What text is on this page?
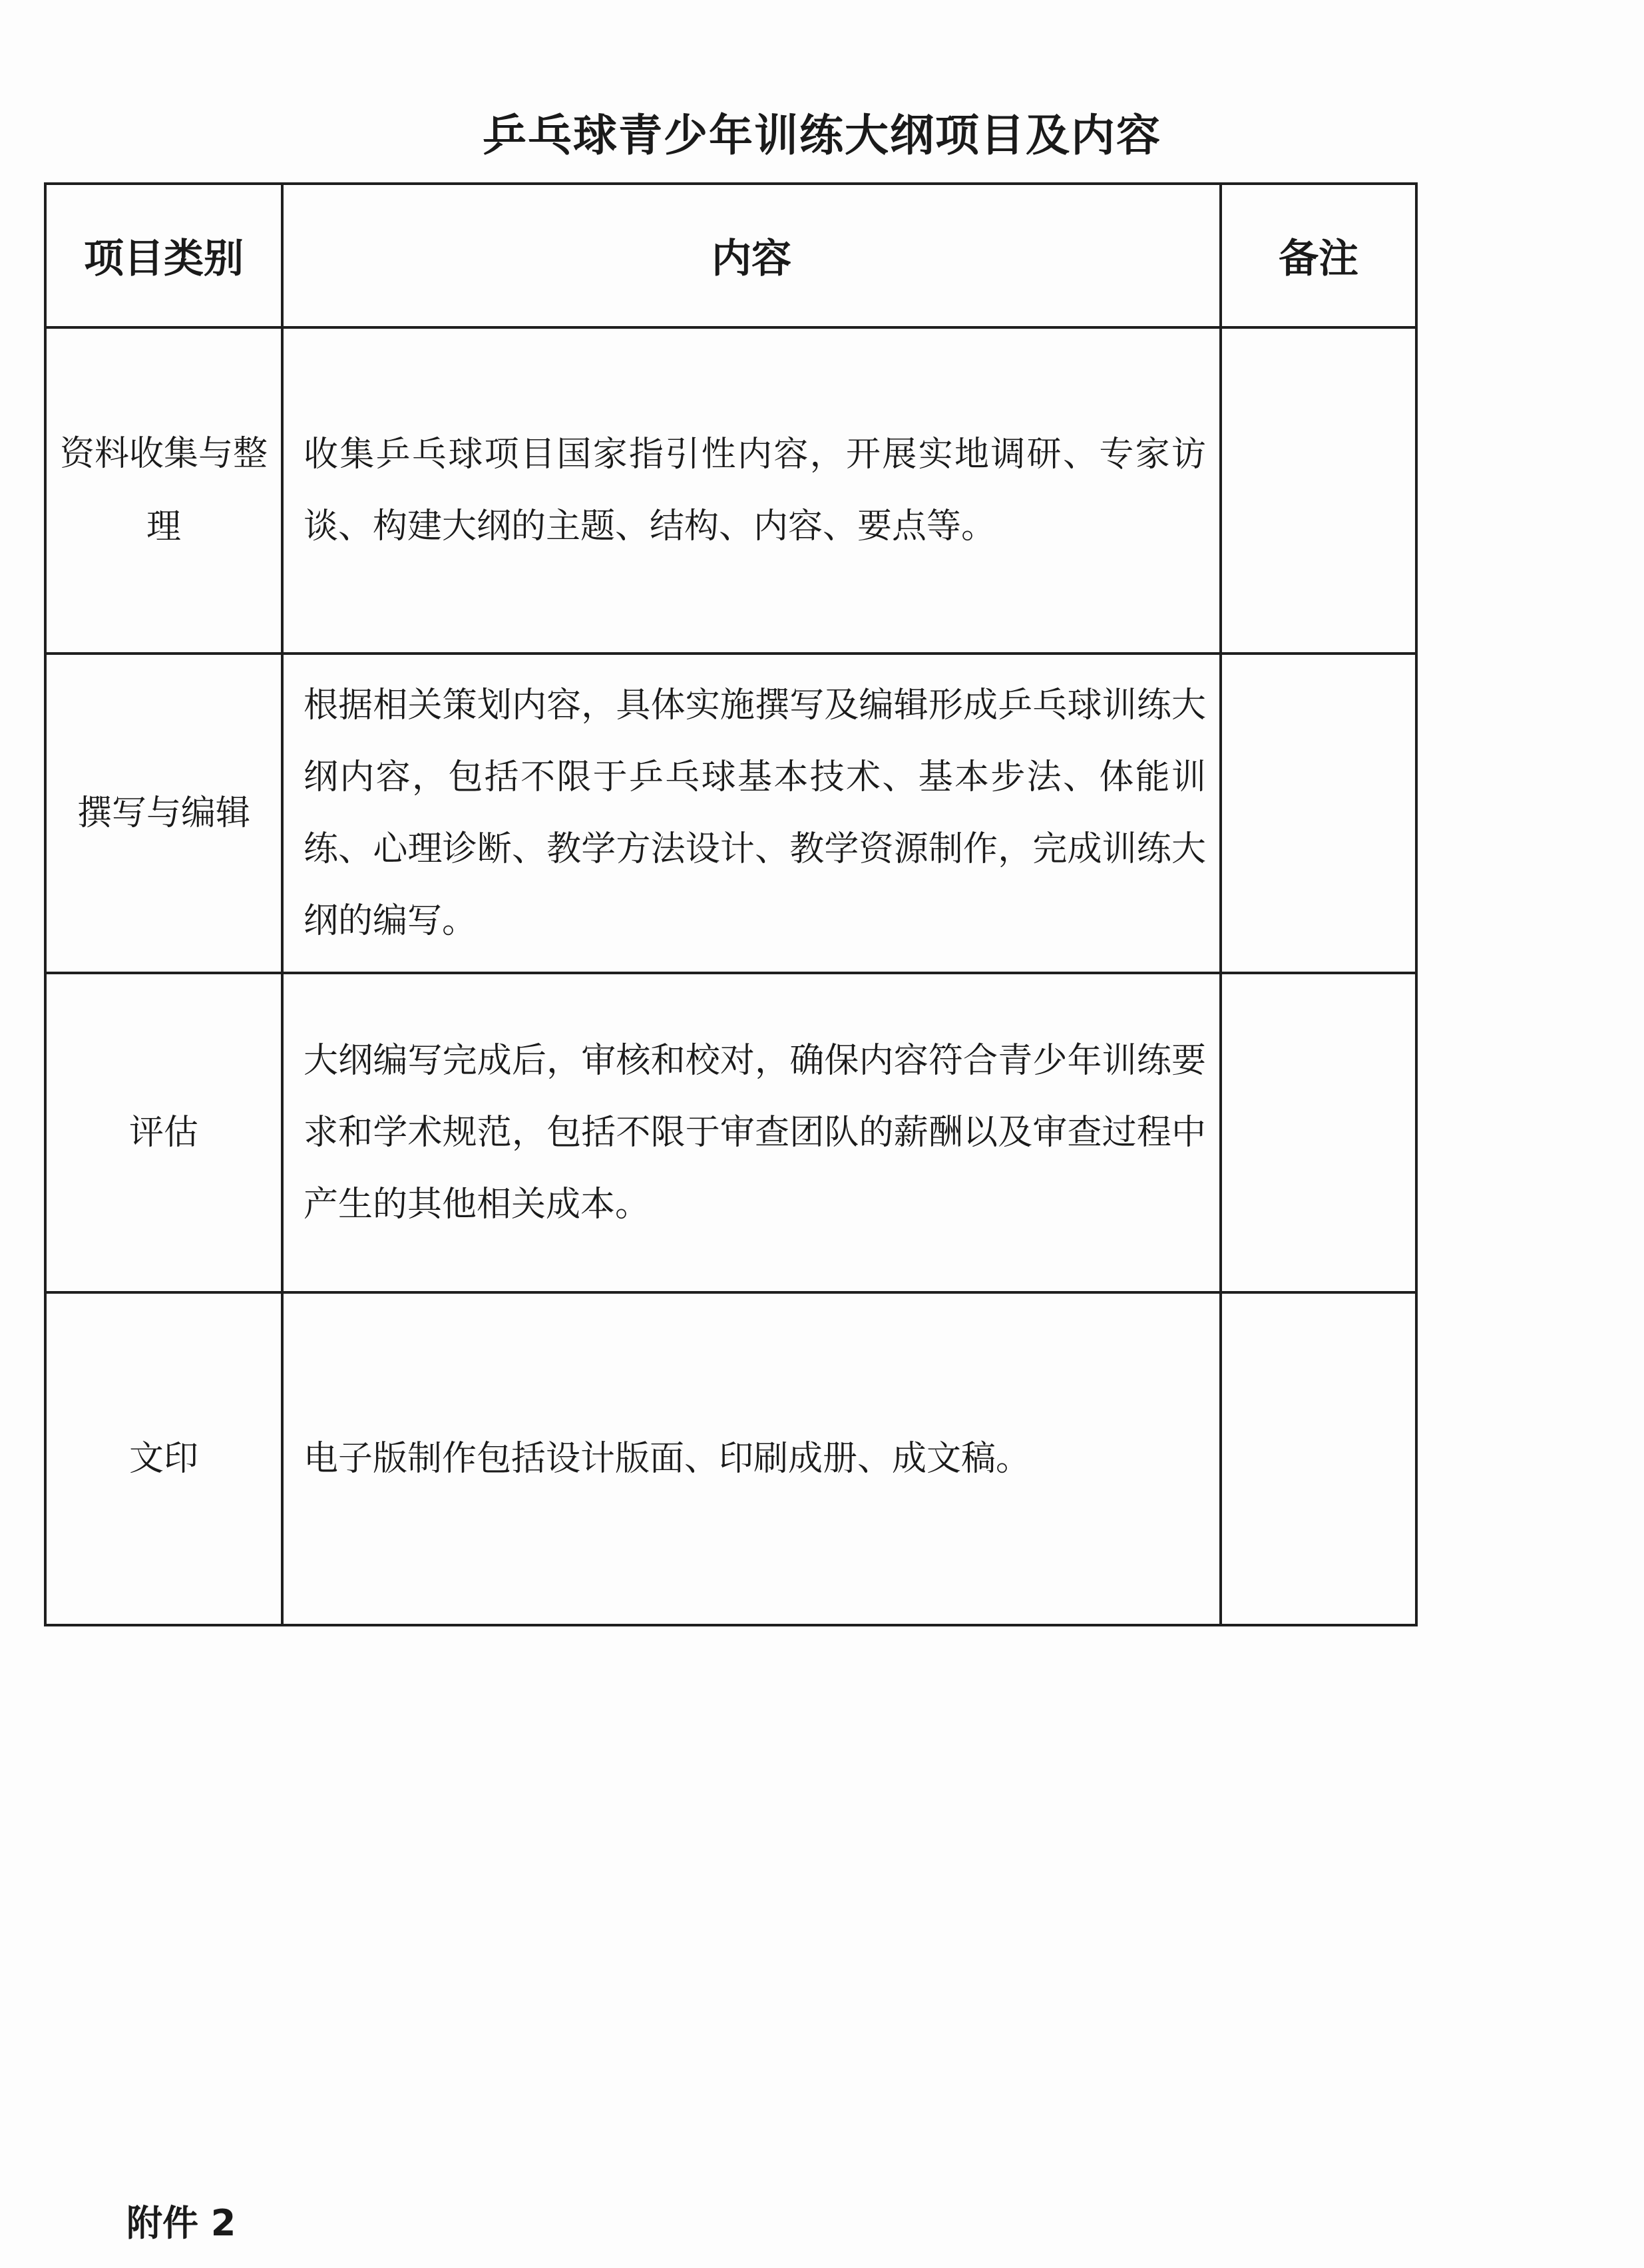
乒乓球青少年训练大纲项目及内容
项目类别	内容	备注
资料收集与整理	收集乒乓球项目国家指引性内容，开展实地调研、专家访谈、构建大纲的主题、结构、内容、要点等。	
撰写与编辑	根据相关策划内容，具体实施撰写及编辑形成乒乓球训练大纲内容，包括不限于乒乓球基本技术、基本步法、体能训练、心理诊断、教学方法设计、教学资源制作，完成训练大纲的编写。	
评估	大纲编写完成后，审核和校对，确保内容符合青少年训练要求和学术规范，包括不限于审查团队的薪酬以及审查过程中产生的其他相关成本。	
文印	电子版制作包括设计版面、印刷成册、成文稿。	
附件 2
